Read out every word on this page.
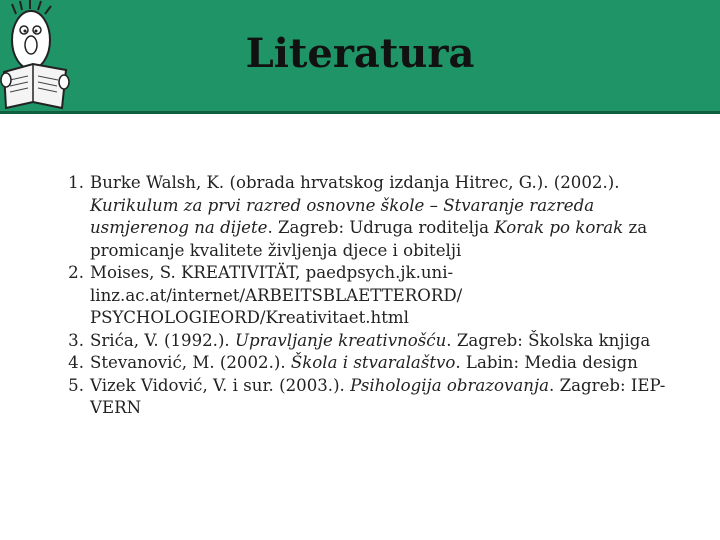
Literatura
1. Burke Walsh, K. (obrada hrvatskog izdanja Hitrec, G.). (2002.). Kurikulum za prvi razred osnovne škole – Stvaranje razreda usmjerenog na dijete. Zagreb: Udruga roditelja Korak po korak za promicanje kvalitete življenja djece i obitelji
2. Moises, S. KREATIVITÄT, paedpsych.jk.uni-linz.ac.at/internet/ARBEITSBLAETTERORD/ PSYCHOLOGIEORD/Kreativitaet.html
3. Srića, V. (1992.). Upravljanje kreativnošću. Zagreb: Školska knjiga
4. Stevanović, M. (2002.). Škola i stvaralaštvo. Labin: Media design
5. Vizek Vidović, V. i sur. (2003.). Psihologija obrazovanja. Zagreb: IEP-VERN
